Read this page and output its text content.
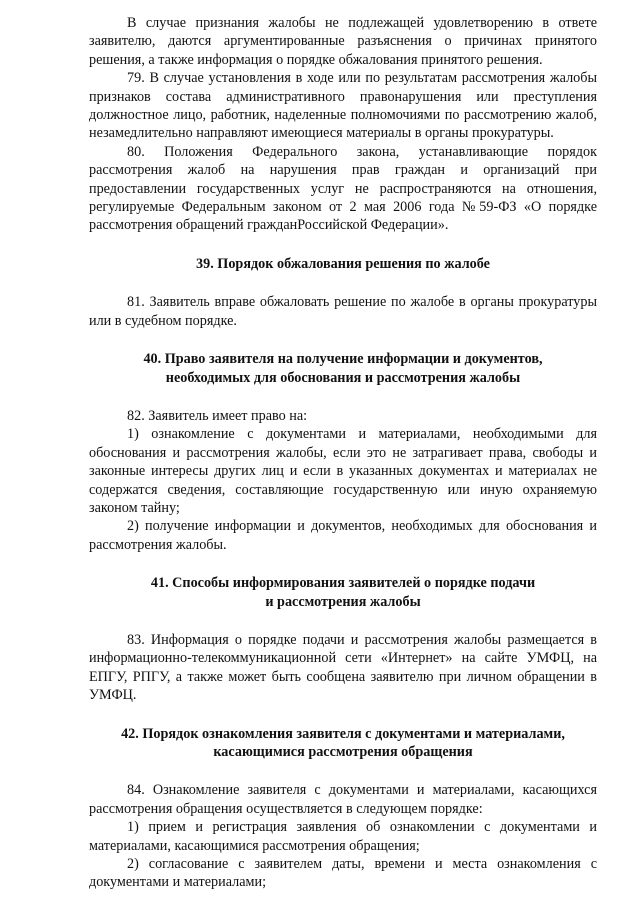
В случае признания жалобы не подлежащей удовлетворению в ответе заявителю, даются аргументированные разъяснения о причинах принятого решения, а также информация о порядке обжалования принятого решения.

79. В случае установления в ходе или по результатам рассмотрения жалобы признаков состава административного правонарушения или преступления должностное лицо, работник, наделенные полномочиями по рассмотрению жалоб, незамедлительно направляют имеющиеся материалы в органы прокуратуры.

80. Положения Федерального закона, устанавливающие порядок рассмотрения жалоб на нарушения прав граждан и организаций при предоставлении государственных услуг не распространяются на отношения, регулируемые Федеральным законом от 2 мая 2006 года №59-ФЗ «О порядке рассмотрения обращений гражданРоссийской Федерации».

39. Порядок обжалования решения по жалобе

81. Заявитель вправе обжаловать решение по жалобе в органы прокуратуры или в судебном порядке.

40. Право заявителя на получение информации и документов,

необходимых для обоснования и рассмотрения жалобы

82. Заявитель имеет право на:

1) ознакомление с документами и материалами, необходимыми для обоснования и рассмотрения жалобы, если это не затрагивает права, свободы и законные интересы других лиц и если в указанных документах и материалах не содержатся сведения, составляющие государственную или иную охраняемую законом тайну;

2) получение информации и документов, необходимых для обоснования и рассмотрения жалобы.

41. Способы информирования заявителей о порядке подачи

и рассмотрения жалобы

83. Информация о порядке подачи и рассмотрения жалобы размещается в информационно-телекоммуникационной сети «Интернет» на сайте УМФЦ, на ЕПГУ, РПГУ, а также может быть сообщена заявителю при личном обращении в УМФЦ.

42. Порядок ознакомления заявителя с документами и материалами,

касающимися рассмотрения обращения

84. Ознакомление заявителя с документами и материалами, касающихся рассмотрения обращения осуществляется в следующем порядке:

1) прием и регистрация заявления об ознакомлении с документами и материалами, касающимися рассмотрения обращения;

2) согласование с заявителем даты, времени и места ознакомления с документами и материалами;
